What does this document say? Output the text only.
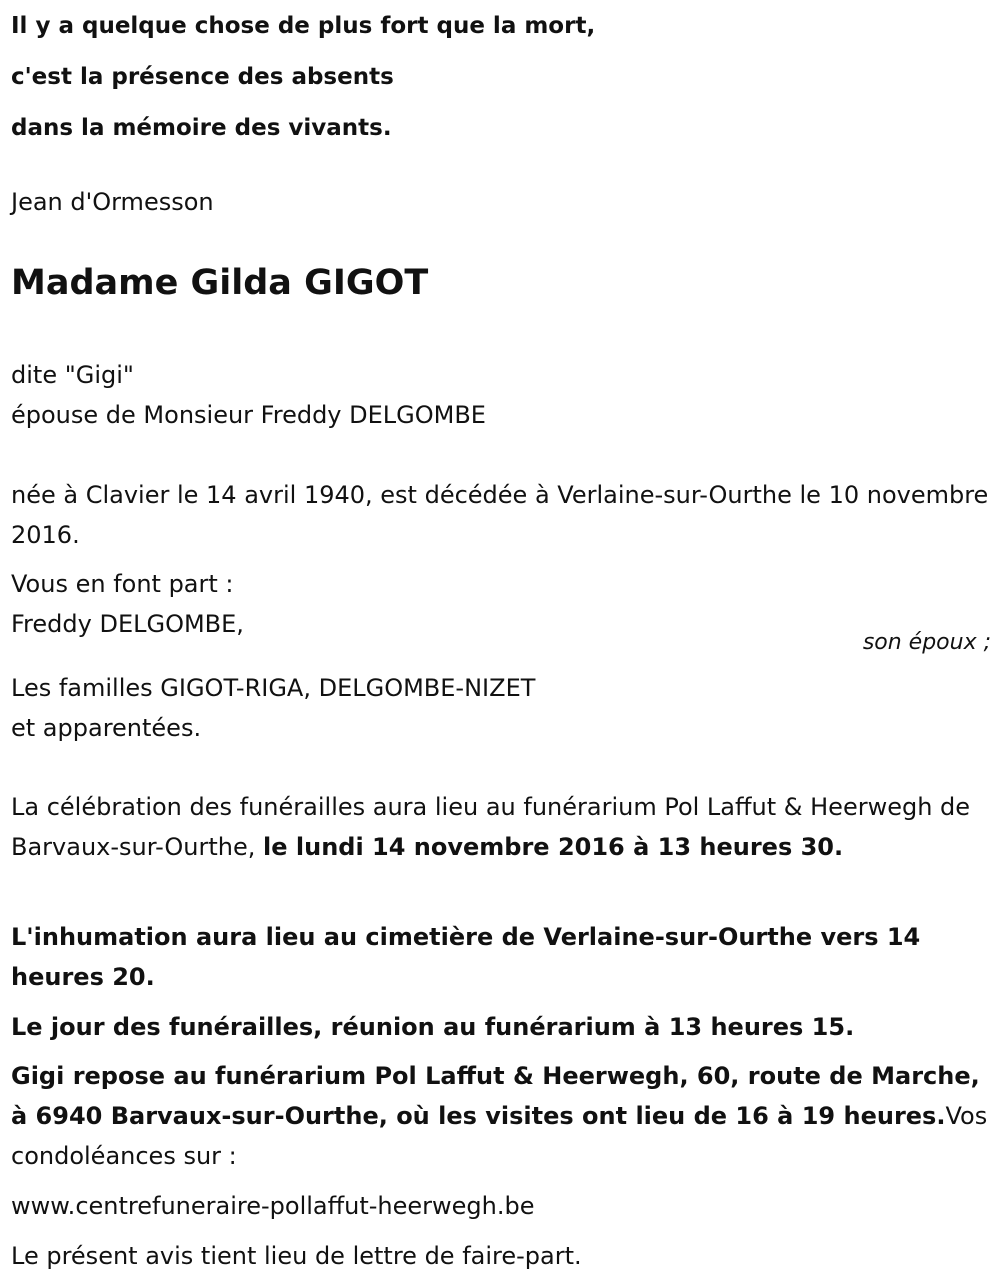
Il y a quelque chose de plus fort que la mort,
c'est la présence des absents
dans la mémoire des vivants.

Jean d'Ormesson

Madame Gilda GIGOT

dite "Gigi"

épouse de Monsieur Freddy DELGOMBE

née à Clavier le 14 avril 1940, est décédée à Verlaine-sur-Ourthe le 10 novembre 2016.

Vous en font part :

Freddy DELGOMBE,

Les familles GIGOT-RIGA, DELGOMBE-NIZET

et apparentées.

La célébration des funérailles aura lieu au funérarium Pol Laffut & Heerwegh de Barvaux-sur-Ourthe, le lundi 14 novembre 2016 à 13 heures 30.

L'inhumation aura lieu au cimetière de Verlaine-sur-Ourthe vers 14 heures 20.

Le jour des funérailles, réunion au funérarium à 13 heures 15.

Gigi repose au funérarium Pol Laffut & Heerwegh, 60, route de Marche, à 6940 Barvaux-sur-Ourthe, où les visites ont lieu de 16 à 19 heures.Vos condoléances sur :

www.centrefuneraire-pollaffut-heerwegh.be

Le présent avis tient lieu de lettre de faire-part.

son époux ;
